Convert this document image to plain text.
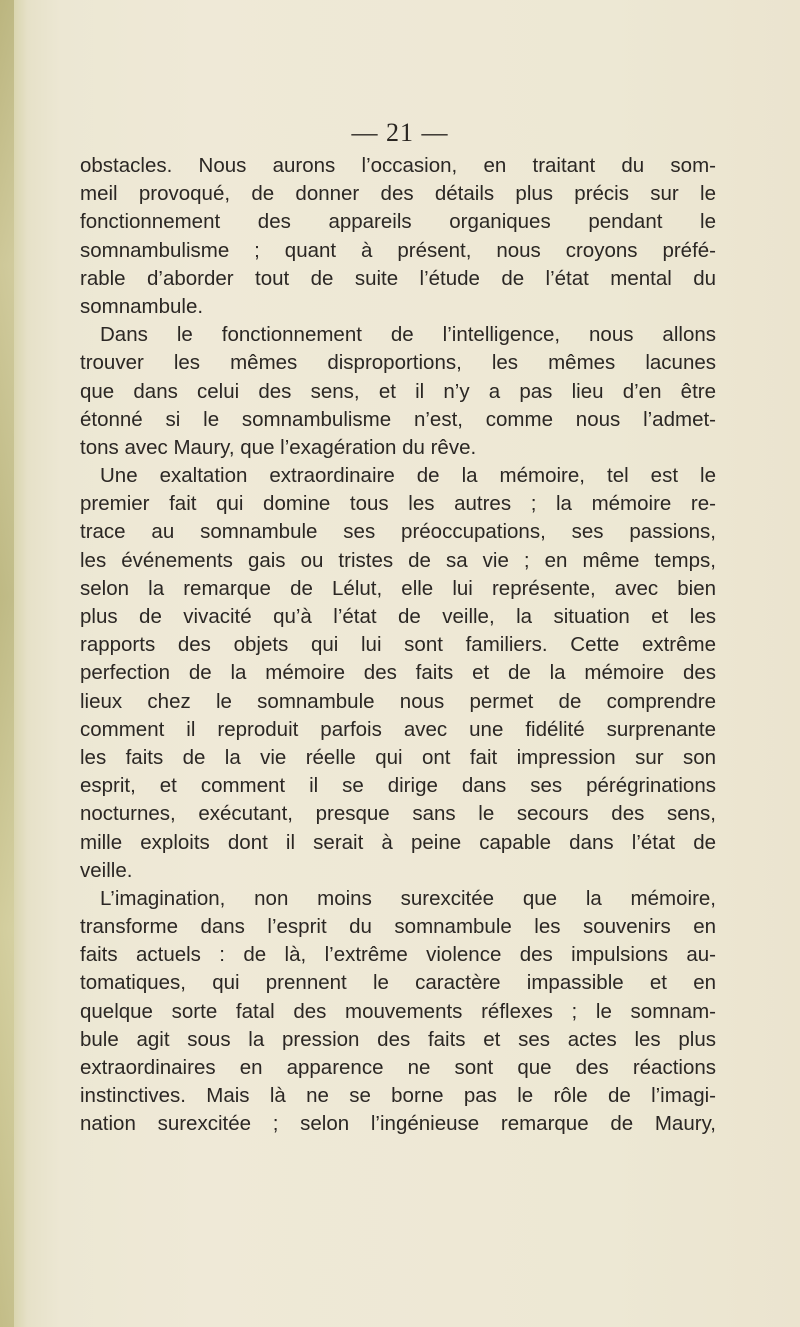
— 21 —
obstacles. Nous aurons l’occasion, en traitant du som-
meil provoqué, de donner des détails plus précis sur le
fonctionnement des appareils organiques pendant le
somnambulisme ; quant à présent, nous croyons préfé-
rable d’aborder tout de suite l’étude de l’état mental du
somnambule.
Dans le fonctionnement de l’intelligence, nous allons
trouver les mêmes disproportions, les mêmes lacunes
que dans celui des sens, et il n’y a pas lieu d’en être
étonné si le somnambulisme n’est, comme nous l’admet-
tons avec Maury, que l’exagération du rêve.
Une exaltation extraordinaire de la mémoire, tel est le
premier fait qui domine tous les autres ; la mémoire re-
trace au somnambule ses préoccupations, ses passions,
les événements gais ou tristes de sa vie ; en même temps,
selon la remarque de Lélut, elle lui représente, avec bien
plus de vivacité qu’à l’état de veille, la situation et les
rapports des objets qui lui sont familiers. Cette extrême
perfection de la mémoire des faits et de la mémoire des
lieux chez le somnambule nous permet de comprendre
comment il reproduit parfois avec une fidélité surprenante
les faits de la vie réelle qui ont fait impression sur son
esprit, et comment il se dirige dans ses pérégrinations
nocturnes, exécutant, presque sans le secours des sens,
mille exploits dont il serait à peine capable dans l’état de
veille.
L’imagination, non moins surexcitée que la mémoire,
transforme dans l’esprit du somnambule les souvenirs en
faits actuels : de là, l’extrême violence des impulsions au-
tomatiques, qui prennent le caractère impassible et en
quelque sorte fatal des mouvements réflexes ; le somnam-
bule agit sous la pression des faits et ses actes les plus
extraordinaires en apparence ne sont que des réactions
instinctives. Mais là ne se borne pas le rôle de l’imagi-
nation surexcitée ; selon l’ingénieuse remarque de Maury,
